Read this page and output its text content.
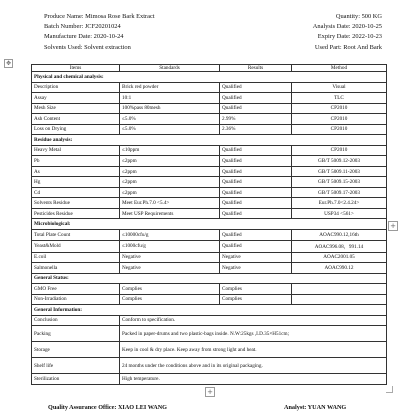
Produce Name: Mimosa Rose Bark Extract
Batch Number: JCF20201024
Manufacture Date: 2020-10-24
Solvents Used: Solvent extraction
Quantity: 500 KG
Analysis Date: 2020-10-25
Expiry Date: 2022-10-23
Used Part: Root And Bark
✥
Items	Standards	Results	Method
Physical and chemical analysis:			
Description	Brick red powder	Qualified	Visual
Assay	10:1	Qualified	TLC
Mesh Size	100%pass 80mesh	Qualified	CP2010
Ash Content	≤5.0%	2.99%	CP2010
Loss on Drying	≤5.0%	2.36%	CP2010
Residue analysis:			
Heavy Metal	≤10ppm	Qualified	CP2010
Pb	≤2ppm	Qualified	GB/T 5009.12-2003
As	≤2ppm	Qualified	GB/T 5009.11-2003
Hg	≤2ppm	Qualified	GB/T 5009.15-2003
Cd	≤2ppm	Qualified	GB/T 5009.17-2003
Solvents Residue	Meet Eur.Ph.7.0 <5.4>	Qualified	Eur.Ph.7.0<2.4.24>
Pesticides Residue	Meet USP Requirements	Qualified	USP34 <561>
Microbiological:			
Total Plate Count	≤10000cfu/g	Qualified	AOAC990.12,16th
Yeast&Mold	≤1000cfu/g	Qualified	AOAC996.08，991.14
E.coil	Negative	Negative	AOAC2001.05
Salmonella	Negative	Negative	AOAC990.12
General Status:			
GMO Free	Complies	Complies	
Non-Irradiation	Complies	Complies	
General Information:			
Conclusion	Conform to specification.		
Packing	Packed in paper-drums and two plastic-bags inside. N.W:25kgs ,I.D.35×H51cm;		
Storage	Keep in cool & dry place. Keep away from strong light and heat.		
Shelf life	24 months under the conditions above and in its original packaging.		
Sterilization	High temperature.		
+
+
Quality Assurance Office: XIAO LEI WANG	Analyst: YUAN WANG
